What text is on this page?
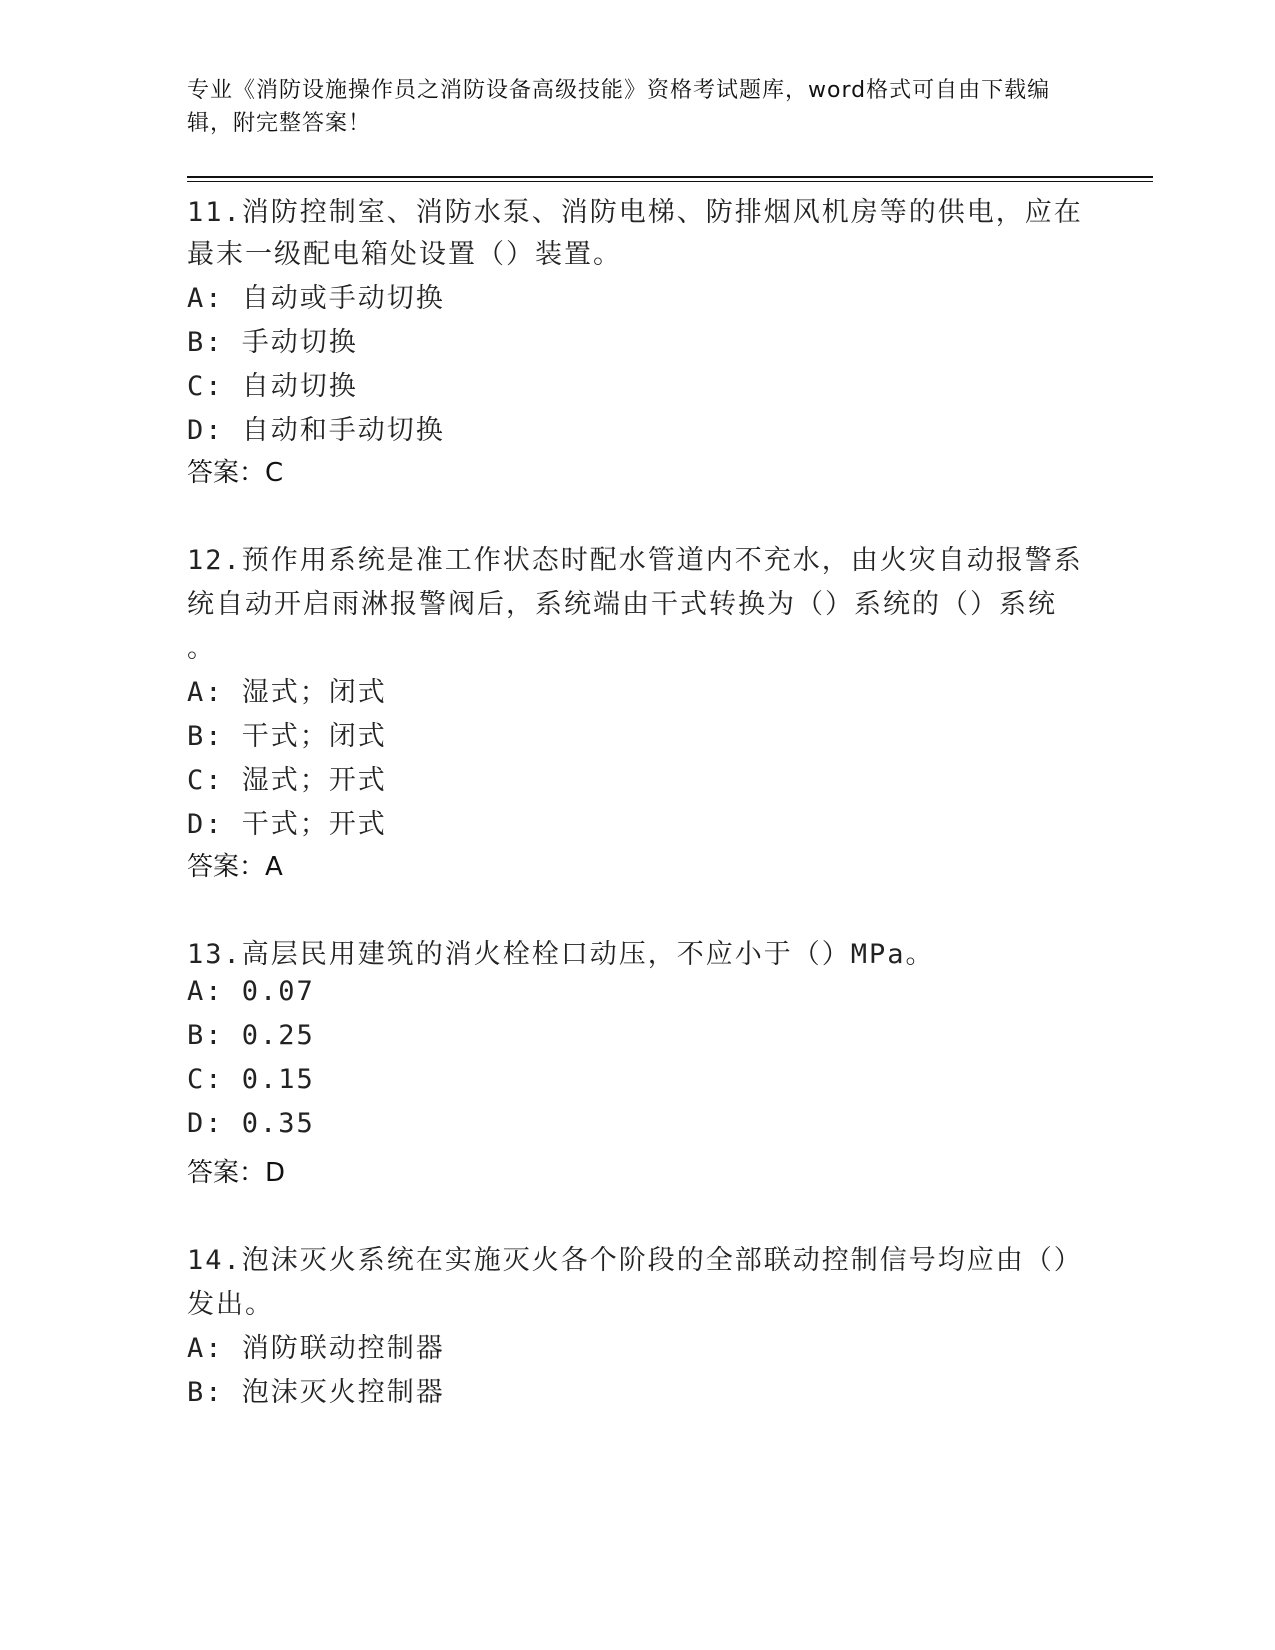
专业《消防设施操作员之消防设备高级技能》资格考试题库，word格式可自由下载编辑，附完整答案！
11.消防控制室、消防水泵、消防电梯、防排烟风机房等的供电，应在
最末一级配电箱处设置（）装置。
A: 自动或手动切换
B: 手动切换
C: 自动切换
D: 自动和手动切换
答案：C
12.预作用系统是准工作状态时配水管道内不充水，由火灾自动报警系
统自动开启雨淋报警阀后，系统端由干式转换为（）系统的（）系统
。
A: 湿式；闭式
B: 干式；闭式
C: 湿式；开式
D: 干式；开式
答案：A
13.高层民用建筑的消火栓栓口动压，不应小于（）MPa。
A: 0.07
B: 0.25
C: 0.15
D: 0.35
答案：D
14.泡沫灭火系统在实施灭火各个阶段的全部联动控制信号均应由（）
发出。
A: 消防联动控制器
B: 泡沫灭火控制器
